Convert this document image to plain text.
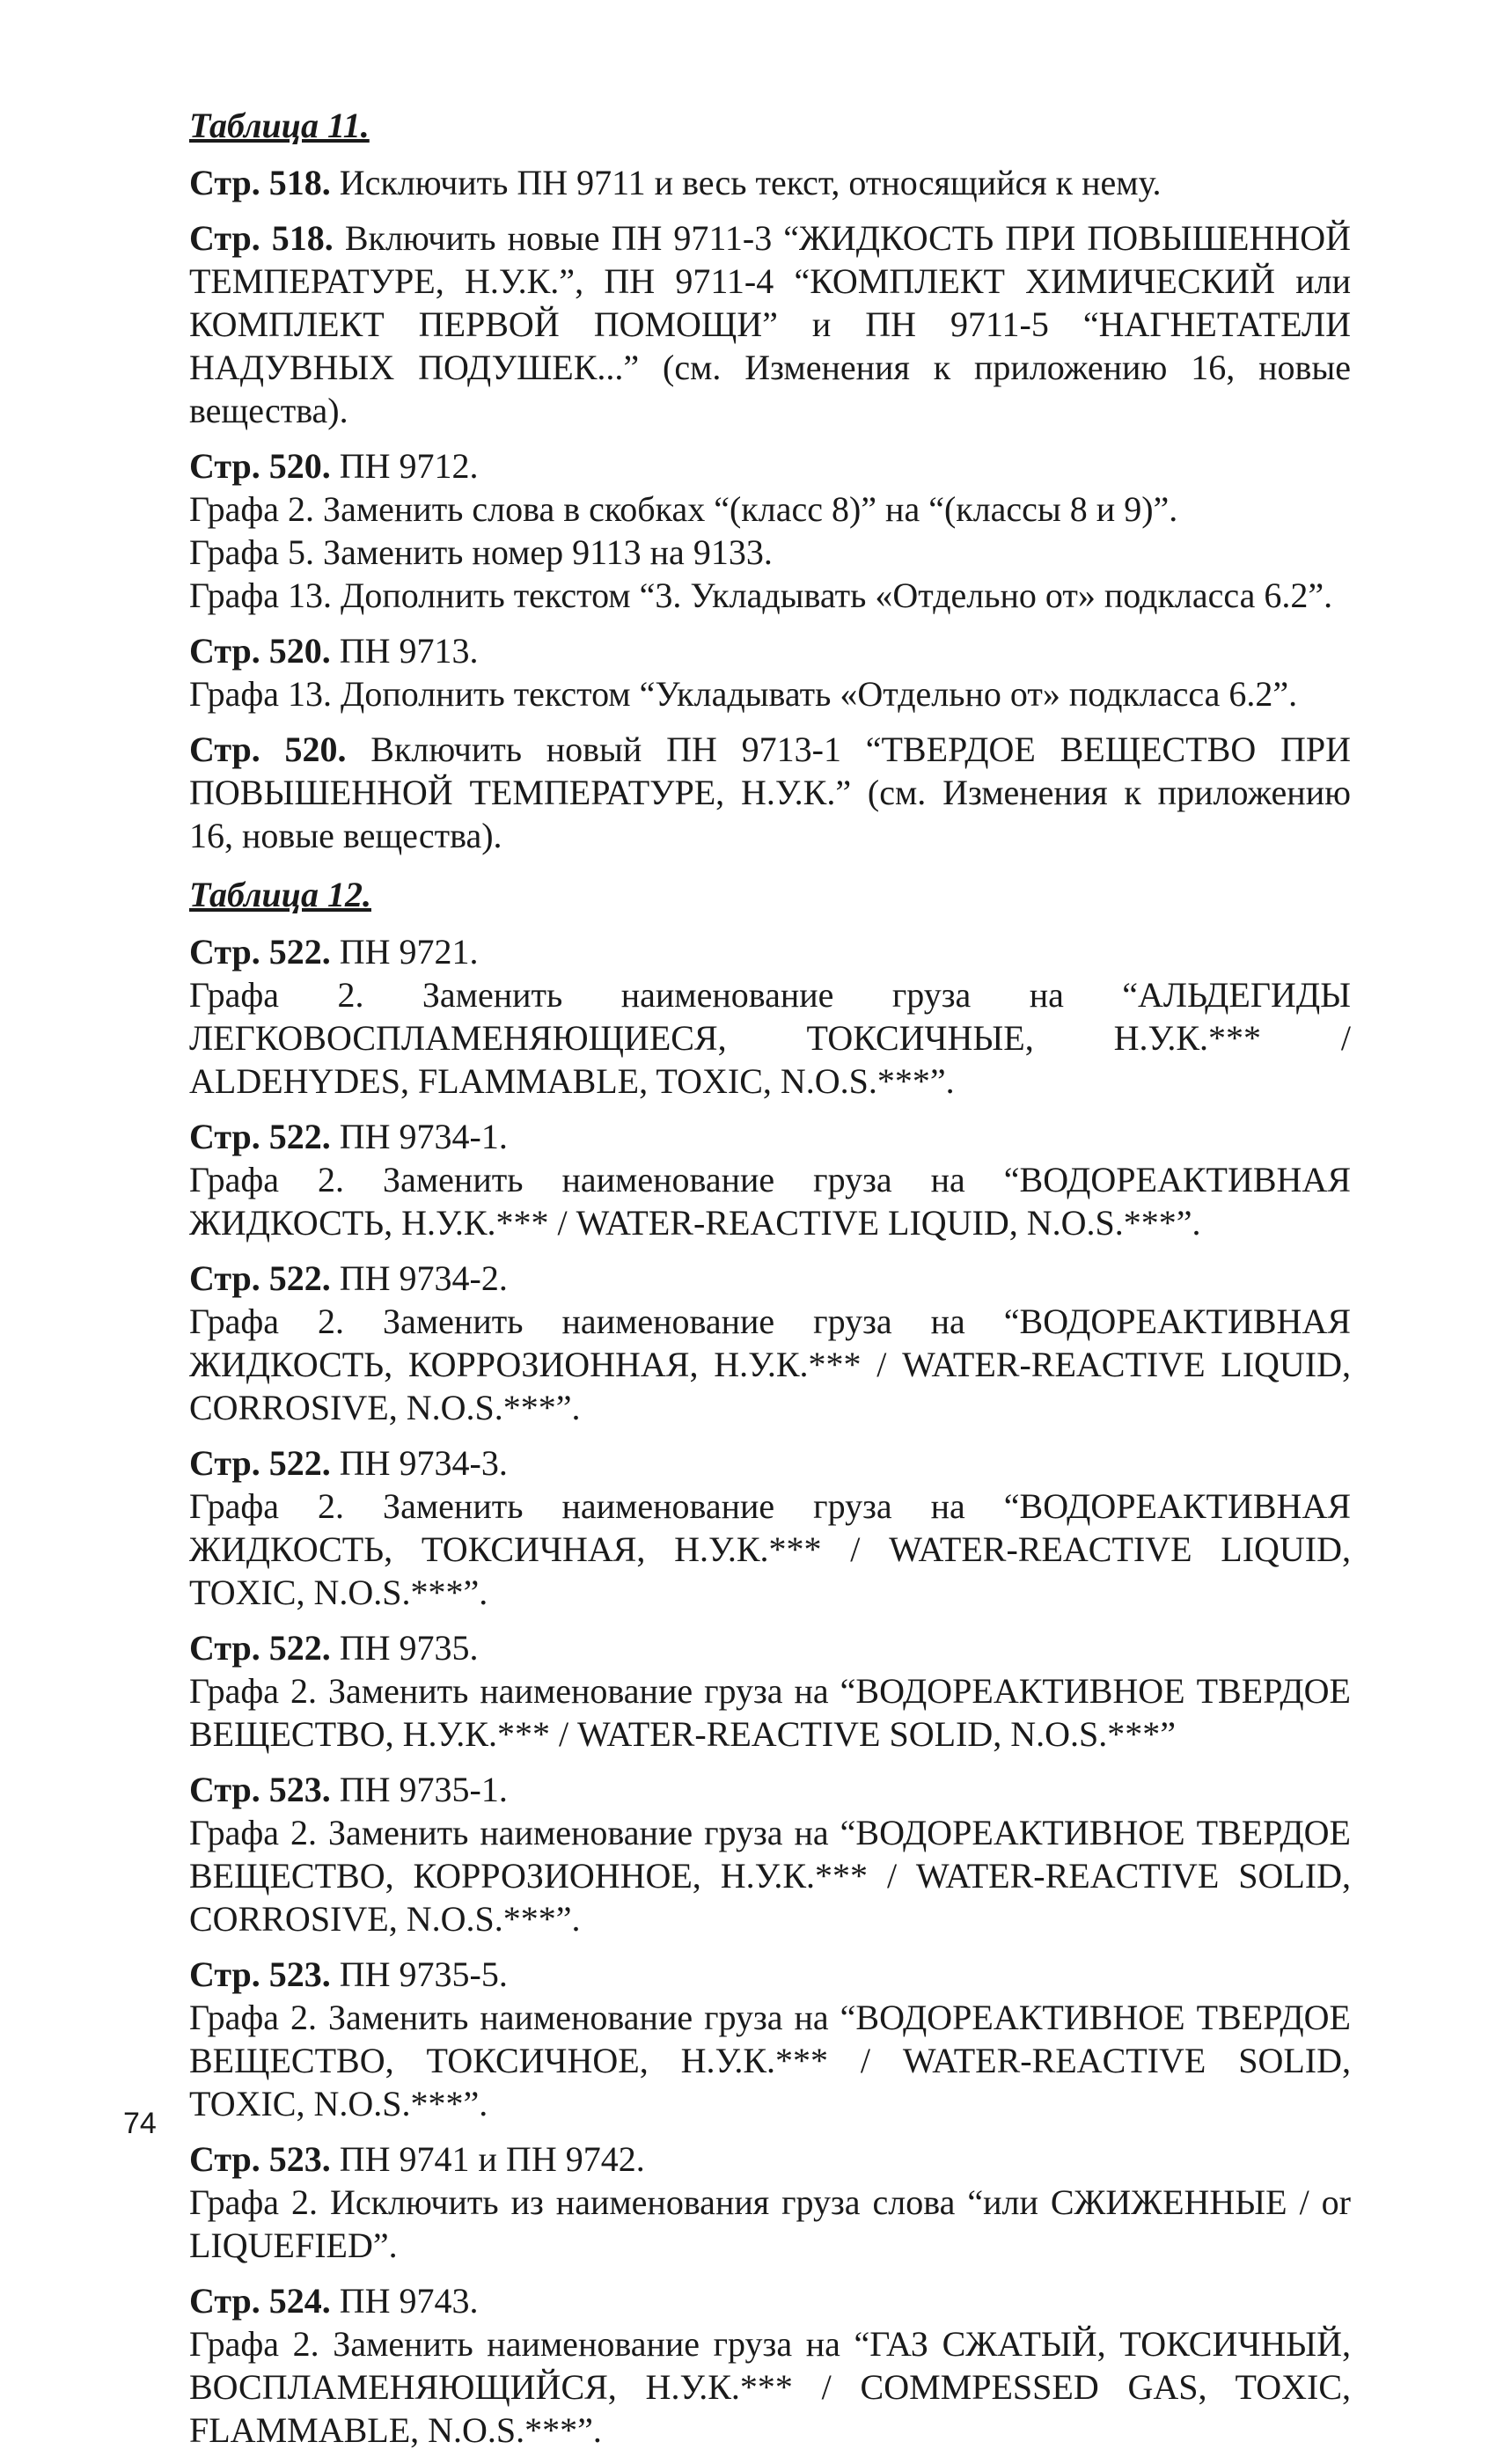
Таблица 11.
Стр. 518. Исключить ПН 9711 и весь текст, относящийся к нему.
Стр. 518. Включить новые ПН 9711-3 “ЖИДКОСТЬ ПРИ ПОВЫШЕННОЙ ТЕМПЕРАТУРЕ, Н.У.К.”, ПН 9711-4 “КОМПЛЕКТ ХИМИЧЕСКИЙ или КОМПЛЕКТ ПЕРВОЙ ПОМОЩИ” и ПН 9711-5 “НАГНЕТАТЕЛИ НАДУВНЫХ ПОДУШЕК...” (см. Изменения к приложению 16, новые вещества).
Стр. 520. ПН 9712.
Графа 2. Заменить слова в скобках “(класс 8)” на “(классы 8 и 9)”.
Графа 5. Заменить номер 9113 на 9133.
Графа 13. Дополнить текстом “3. Укладывать «Отдельно от» подкласса 6.2”.
Стр. 520. ПН 9713.
Графа 13. Дополнить текстом “Укладывать «Отдельно от» подкласса 6.2”.
Стр. 520. Включить новый ПН 9713-1 “ТВЕРДОЕ ВЕЩЕСТВО ПРИ ПОВЫШЕННОЙ ТЕМПЕРАТУРЕ, Н.У.К.” (см. Изменения к приложению 16, новые вещества).
Таблица 12.
Стр. 522. ПН 9721.
Графа 2. Заменить наименование груза на “АЛЬДЕГИДЫ ЛЕГКОВОСПЛАМЕНЯЮЩИЕСЯ, ТОКСИЧНЫЕ, Н.У.К.*** / ALDEHYDES, FLAMMABLE, TOXIC, N.O.S.***”.
Стр. 522. ПН 9734-1.
Графа 2. Заменить наименование груза на “ВОДОРЕАКТИВНАЯ ЖИДКОСТЬ, Н.У.К.*** / WATER-REACTIVE LIQUID, N.O.S.***”.
Стр. 522. ПН 9734-2.
Графа 2. Заменить наименование груза на “ВОДОРЕАКТИВНАЯ ЖИДКОСТЬ, КОРРОЗИОННАЯ, Н.У.К.*** / WATER-REACTIVE LIQUID, CORROSIVE, N.O.S.***”.
Стр. 522. ПН 9734-3.
Графа 2. Заменить наименование груза на “ВОДОРЕАКТИВНАЯ ЖИДКОСТЬ, ТОКСИЧНАЯ, Н.У.К.*** / WATER-REACTIVE LIQUID, TOXIC, N.O.S.***”.
Стр. 522. ПН 9735.
Графа 2. Заменить наименование груза на “ВОДОРЕАКТИВНОЕ ТВЕРДОЕ ВЕЩЕСТВО, Н.У.К.*** / WATER-REACTIVE SOLID, N.O.S.***”
Стр. 523. ПН 9735-1.
Графа 2. Заменить наименование груза на “ВОДОРЕАКТИВНОЕ ТВЕРДОЕ ВЕЩЕСТВО, КОРРОЗИОННОЕ, Н.У.К.*** / WATER-REACTIVE SOLID, CORROSIVE, N.O.S.***”.
Стр. 523. ПН 9735-5.
Графа 2. Заменить наименование груза на “ВОДОРЕАКТИВНОЕ ТВЕРДОЕ ВЕЩЕСТВО, ТОКСИЧНОЕ, Н.У.К.*** / WATER-REACTIVE SOLID, TOXIC, N.O.S.***”.
Стр. 523. ПН 9741 и ПН 9742.
Графа 2. Исключить из наименования груза слова “или СЖИЖЕННЫЕ / or LIQUEFIED”.
Стр. 524. ПН 9743.
Графа 2. Заменить наименование груза на “ГАЗ СЖАТЫЙ, ТОКСИЧНЫЙ, ВОСПЛАМЕНЯЮЩИЙСЯ, Н.У.К.*** / COMMPESSED GAS, TOXIC, FLAMMABLE, N.O.S.***”.
74
